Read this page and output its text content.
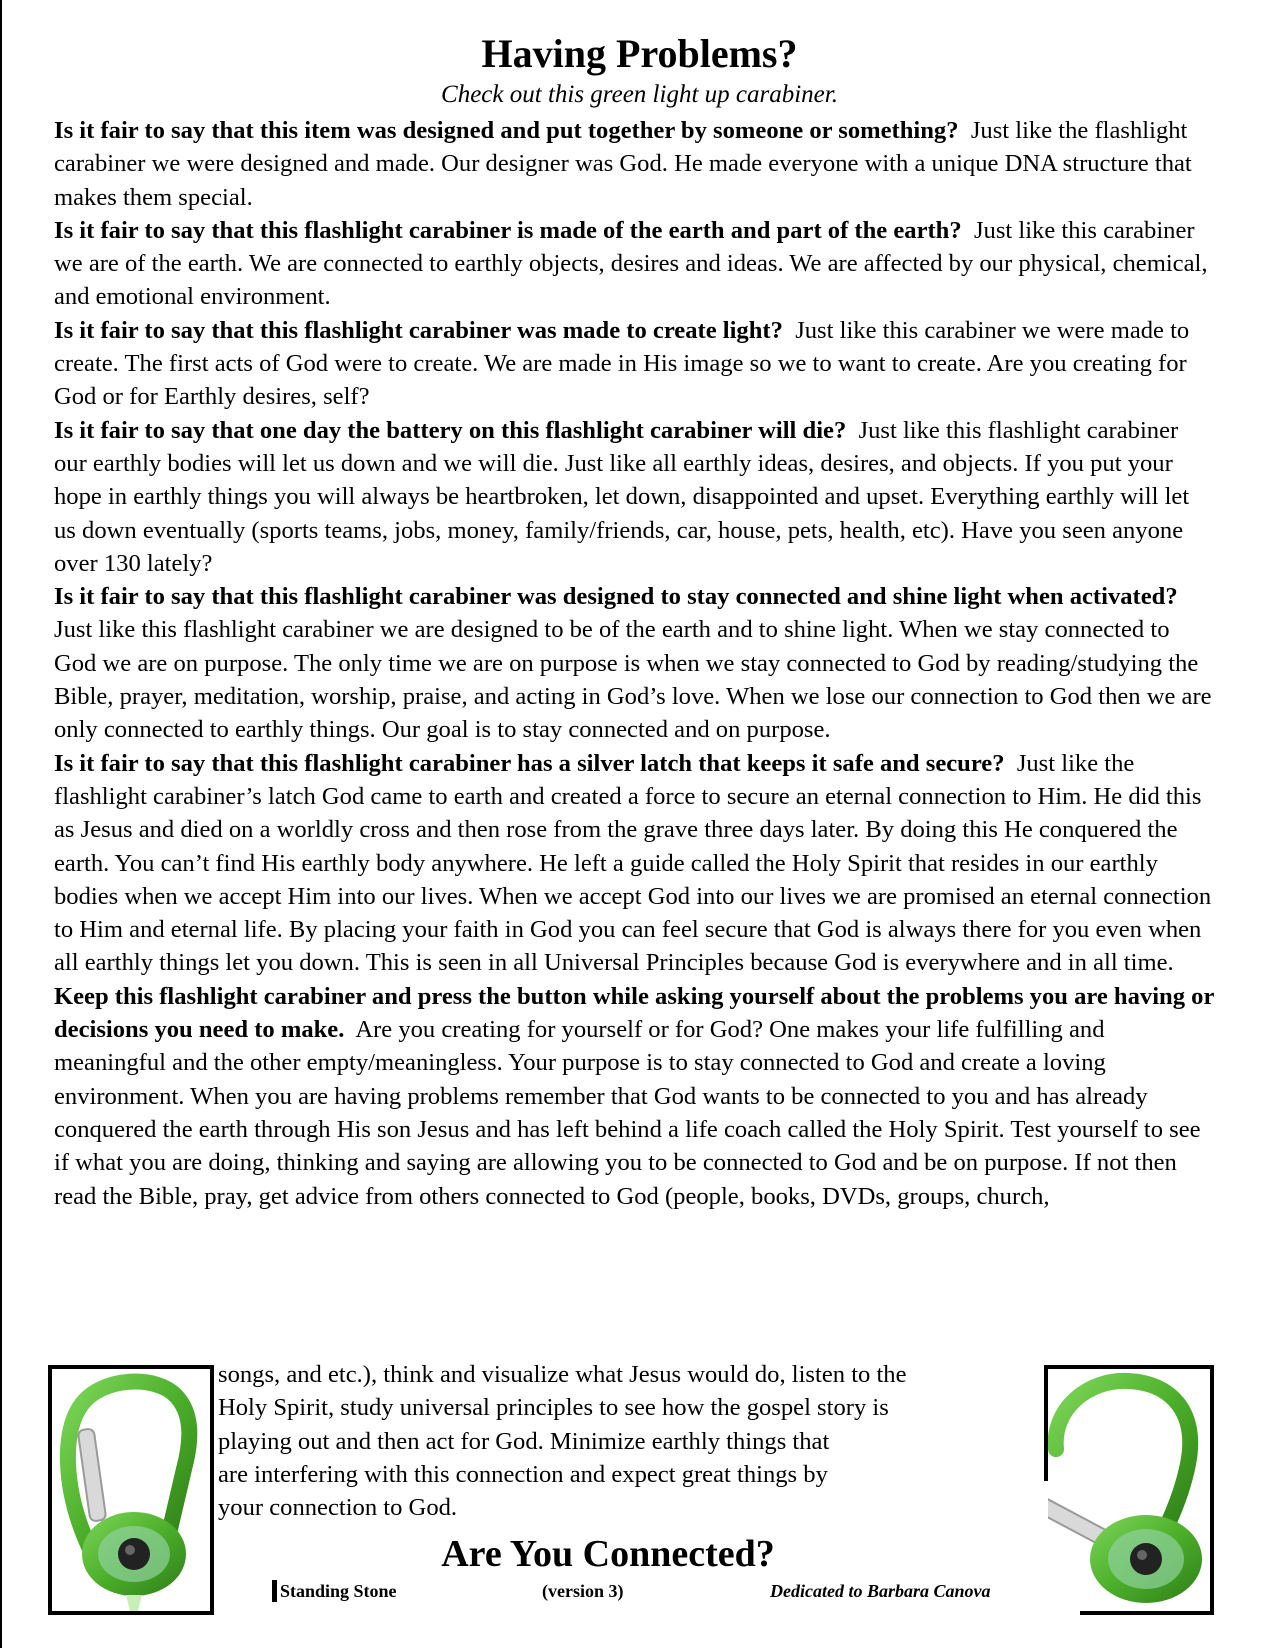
Having Problems?
Check out this green light up carabiner.

Is it fair to say that this item was designed and put together by someone or something? Just like the flashlight carabiner we were designed and made. Our designer was God. He made everyone with a unique DNA structure that makes them special.

Is it fair to say that this flashlight carabiner is made of the earth and part of the earth? Just like this carabiner we are of the earth. We are connected to earthly objects, desires and ideas. We are affected by our physical, chemical, and emotional environment.

Is it fair to say that this flashlight carabiner was made to create light? Just like this carabiner we were made to create. The first acts of God were to create. We are made in His image so we to want to create. Are you creating for God or for Earthly desires, self?

Is it fair to say that one day the battery on this flashlight carabiner will die? Just like this flashlight carabiner our earthly bodies will let us down and we will die. Just like all earthly ideas, desires, and objects. If you put your hope in earthly things you will always be heartbroken, let down, disappointed and upset. Everything earthly will let us down eventually (sports teams, jobs, money, family/friends, car, house, pets, health, etc). Have you seen anyone over 130 lately?

Is it fair to say that this flashlight carabiner was designed to stay connected and shine light when activated?  Just like this flashlight carabiner we are designed to be of the earth and to shine light. When we stay connected to God we are on purpose. The only time we are on purpose is when we stay connected to God by reading/studying the Bible, prayer, meditation, worship, praise, and acting in God’s love. When we lose our connection to God then we are only connected to earthly things. Our goal is to stay connected and on purpose.

Is it fair to say that this flashlight carabiner has a silver latch that keeps it safe and secure? Just like the flashlight carabiner’s latch God came to earth and created a force to secure an eternal connection to Him. He did this as Jesus and died on a worldly cross and then rose from the grave three days later. By doing this He conquered the earth. You can’t find His earthly body anywhere. He left a guide called the Holy Spirit that resides in our earthly bodies when we accept Him into our lives. When we accept God into our lives we are promised an eternal connection to Him and eternal life. By placing your faith in God you can feel secure that God is always there for you even when all earthly things let you down. This is seen in all Universal Principles because God is everywhere and in all time.

Keep this flashlight carabiner and press the button while asking yourself about the problems you are having or decisions you need to make. Are you creating for yourself or for God? One makes your life fulfilling and meaningful and the other empty/meaningless. Your purpose is to stay connected to God and create a loving environment. When you are having problems remember that God wants to be connected to you and has already conquered the earth through His son Jesus and has left behind a life coach called the Holy Spirit. Test yourself to see if what you are doing, thinking and saying are allowing you to be connected to God and be on purpose. If not then read the Bible, pray, get advice from others connected to God (people, books, DVDs, groups, church,

songs, and etc.), think and visualize what Jesus would do, listen to the
Holy Spirit, study universal principles to see how the gospel story is
playing out and then act for God. Minimize earthly things that
are interfering with this connection and expect great things by
your connection to God.
Are You Connected?
Standing Stone	(version 3)	Dedicated to Barbara Canova
